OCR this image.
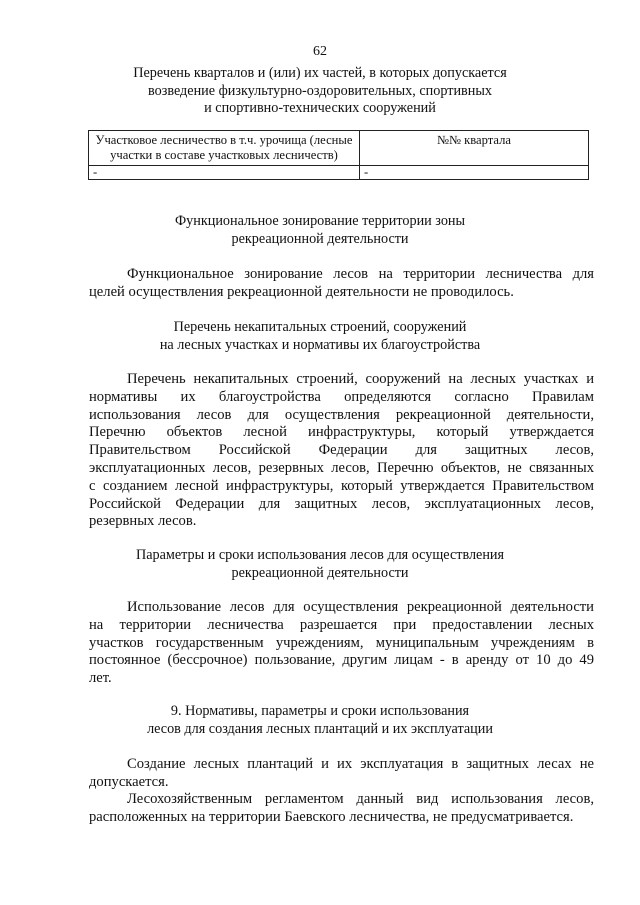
62
Перечень кварталов и (или) их частей, в которых допускается
возведение физкультурно-оздоровительных, спортивных
и спортивно-технических сооружений
Участковое лесничество в т.ч. урочища (лесные участки в составе участковых лесничеств)	№№ квартала
-	-
Функциональное зонирование территории зоны
рекреационной деятельности
Функциональное зонирование лесов на территории лесничества для
целей осуществления рекреационной деятельности не проводилось.
Перечень некапитальных строений, сооружений
на лесных участках и нормативы их благоустройства
Перечень некапитальных строений, сооружений на лесных участках и
нормативы их благоустройства определяются согласно Правилам
использования лесов для осуществления рекреационной деятельности,
Перечню объектов лесной инфраструктуры, который утверждается
Правительством Российской Федерации для защитных лесов,
эксплуатационных лесов, резервных лесов, Перечню объектов, не связанных
с созданием лесной инфраструктуры, который утверждается Правительством
Российской Федерации для защитных лесов, эксплуатационных лесов,
резервных лесов.
Параметры и сроки использования лесов для осуществления
рекреационной деятельности
Использование лесов для осуществления рекреационной деятельности
на территории лесничества разрешается при предоставлении лесных
участков государственным учреждениям, муниципальным учреждениям в
постоянное (бессрочное) пользование, другим лицам - в аренду от 10 до 49
лет.
9. Нормативы, параметры и сроки использования
лесов для создания лесных плантаций и их эксплуатации
Создание лесных плантаций и их эксплуатация в защитных лесах не
допускается.
Лесохозяйственным регламентом данный вид использования лесов,
расположенных на территории Баевского лесничества, не предусматривается.
